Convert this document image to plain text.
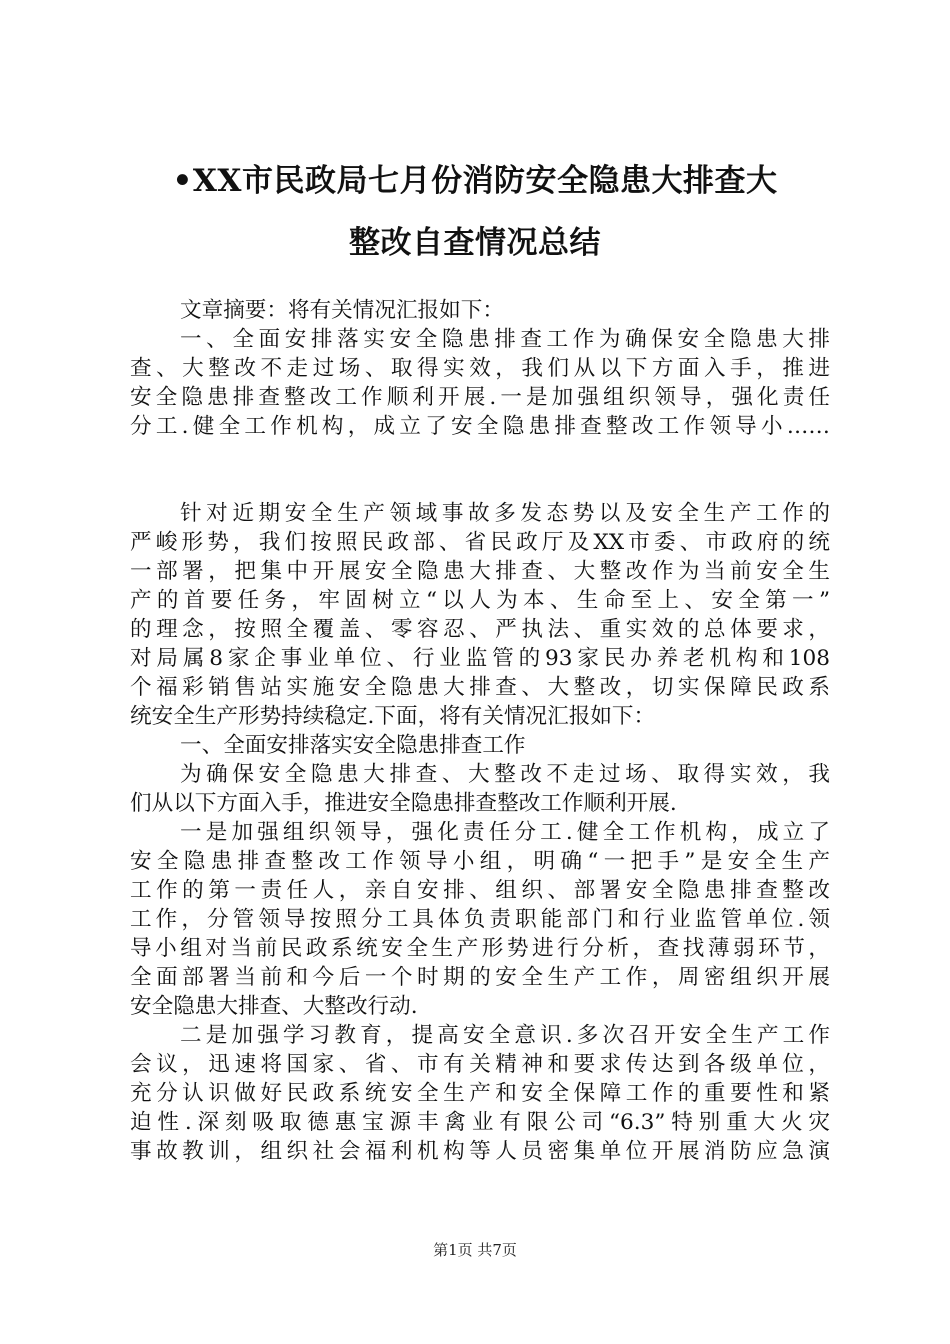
•XX市民政局七月份消防安全隐患大排查大
整改自查情况总结
文章摘要：将有关情况汇报如下：
一、全面安排落实安全隐患排查工作为确保安全隐患大排
查、大整改不走过场、取得实效，我们从以下方面入手，推进
安全隐患排查整改工作顺利开展.一是加强组织领导，强化责任
分工.健全工作机构，成立了安全隐患排查整改工作领导小……
针对近期安全生产领域事故多发态势以及安全生产工作的
严峻形势，我们按照民政部、省民政厅及XX市委、市政府的统
一部署，把集中开展安全隐患大排查、大整改作为当前安全生
产的首要任务，牢固树立“以人为本、生命至上、安全第一”
的理念，按照全覆盖、零容忍、严执法、重实效的总体要求，
对局属8家企事业单位、行业监管的93家民办养老机构和108
个福彩销售站实施安全隐患大排查、大整改，切实保障民政系
统安全生产形势持续稳定.下面，将有关情况汇报如下：
一、全面安排落实安全隐患排查工作
为确保安全隐患大排查、大整改不走过场、取得实效，我
们从以下方面入手，推进安全隐患排查整改工作顺利开展.
一是加强组织领导，强化责任分工.健全工作机构，成立了
安全隐患排查整改工作领导小组，明确“一把手”是安全生产
工作的第一责任人，亲自安排、组织、部署安全隐患排查整改
工作，分管领导按照分工具体负责职能部门和行业监管单位.领
导小组对当前民政系统安全生产形势进行分析，查找薄弱环节，
全面部署当前和今后一个时期的安全生产工作，周密组织开展
安全隐患大排查、大整改行动.
二是加强学习教育，提高安全意识.多次召开安全生产工作
会议，迅速将国家、省、市有关精神和要求传达到各级单位，
充分认识做好民政系统安全生产和安全保障工作的重要性和紧
迫性.深刻吸取德惠宝源丰禽业有限公司“6.3”特别重大火灾
事故教训，组织社会福利机构等人员密集单位开展消防应急演
第1页 共7页
